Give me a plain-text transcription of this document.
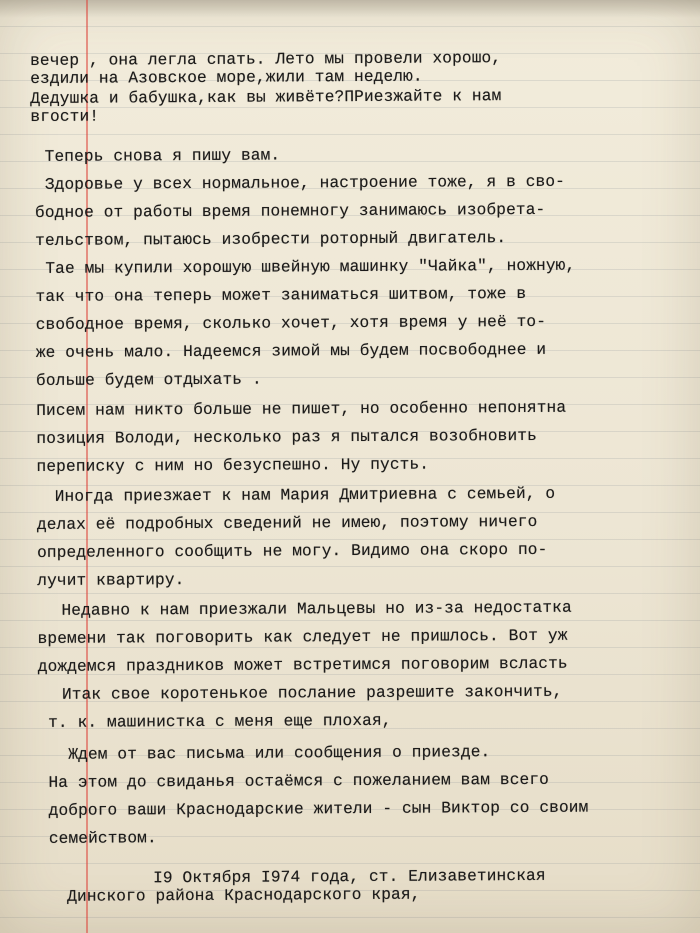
вечер , она легла спать. Лето мы провели хорошо,
ездили на Азовское море,жили там неделю.
Дедушка и бабушка,как вы живёте?ПРиезжайте к нам
вгости!
Теперь снова я пишу вам.
Здоровье у всех нормальное, настроение тоже, я в сво-
бодное от работы время понемногу занимаюсь изобрета-
тельством, пытаюсь изобрести роторный двигатель.
Тае мы купили хорошую швейную машинку "Чайка", ножную,
так что она теперь может заниматься шитвом, тоже в
свободное время, сколько хочет, хотя время у неё то-
же очень мало. Надеемся зимой мы будем посвободнее и
больше будем отдыхать .
Писем нам никто больше не пишет, но особенно непонятна
позиция Володи, несколько раз я пытался возобновить
переписку с ним но безуспешно. Ну пусть.
Иногда приезжает к нам Мария Дмитриевна с семьей, о
делах её подробных сведений не имею, поэтому ничего
определенного сообщить не могу. Видимо она скоро по-
лучит квартиру.
Недавно к нам приезжали Мальцевы но из-за недостатка
времени так поговорить как следует не пришлось. Вот уж
дождемся праздников может встретимся поговорим всласть
Итак свое коротенькое послание разрешите закончить,
т. к. машинистка с меня еще плохая,
Ждем от вас письма или сообщения о приезде.
На этом до свиданья остаёмся с пожеланием вам всего
доброго ваши Краснодарские жители - сын Виктор со своим
семейством.
I9 Октября I974 года, ст. Елизаветинская
Динского района Краснодарского края,
